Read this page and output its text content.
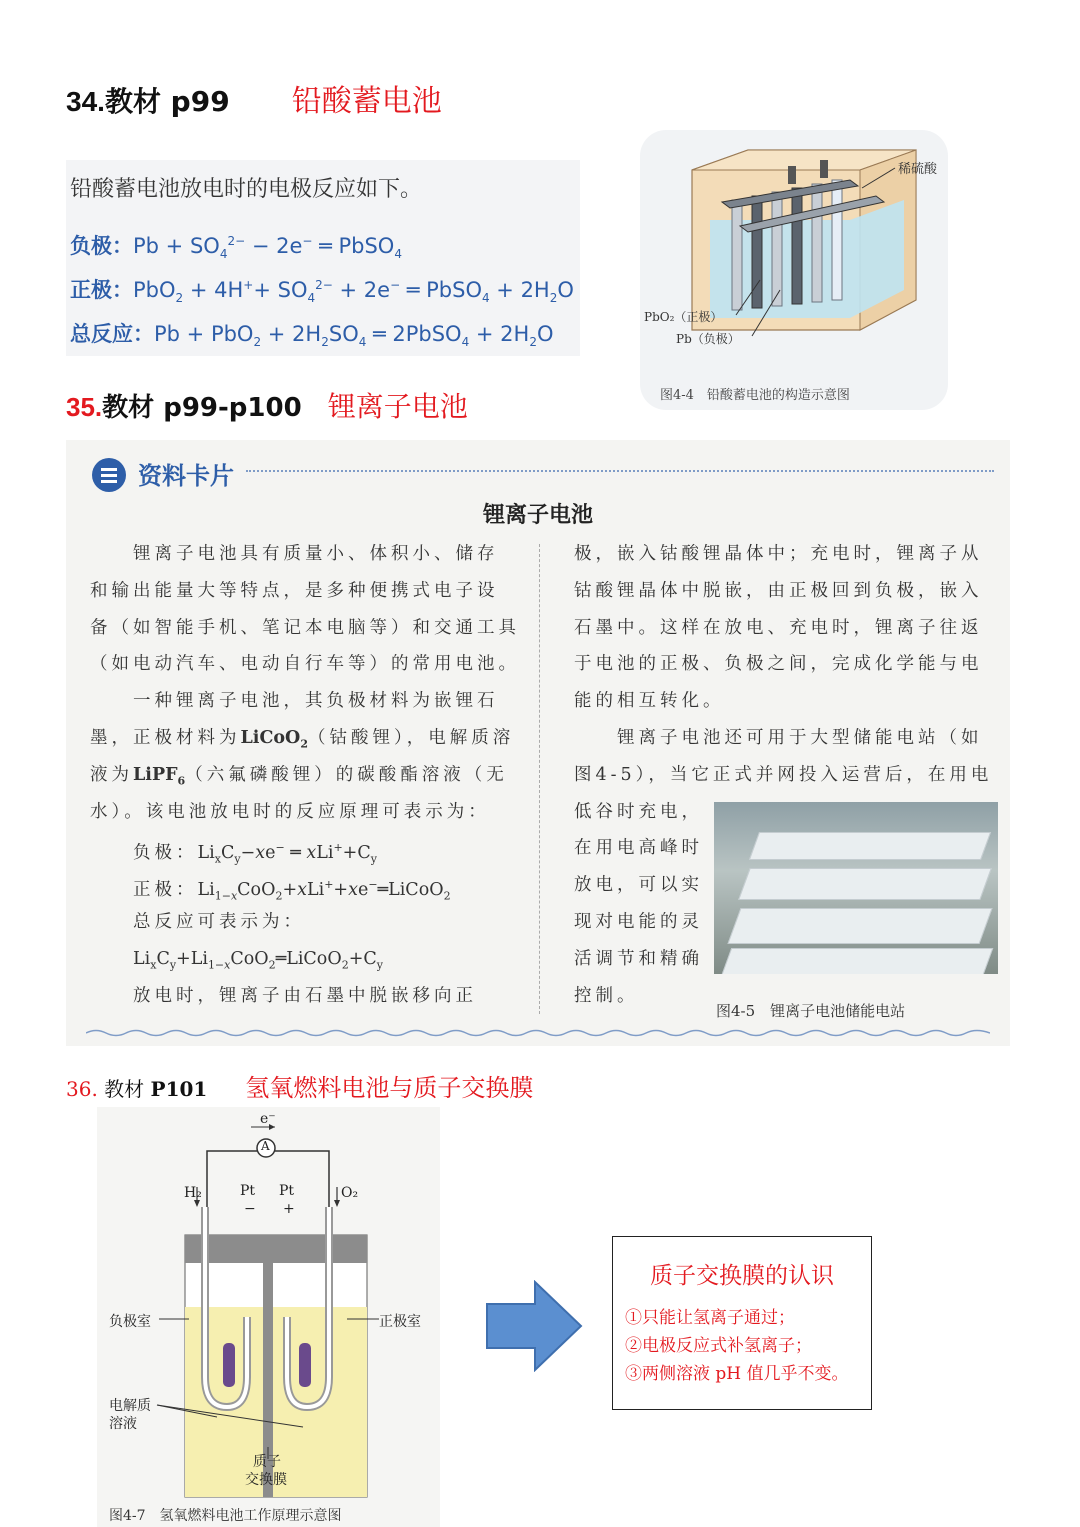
34.教材 p99 铅酸蓄电池
铅酸蓄电池放电时的电极反应如下。
负极：$Pb + SO_4^{2-} - 2e^-$ ═ PbSO$_4$
正极：$PbO_2 + 4H^++ SO_4^{2-} + 2e^-$ ═ PbSO$_4$ + $2H_2O$
总反应：$Pb + PbO_2 + 2H_2SO_4$ ═ 2PbSO$_4$ + $2H_2O$
稀硫酸
PbO₂（正极）
Pb（负极）
图4-4　铅酸蓄电池的构造示意图
35.教材 p99-p100 锂离子电池
资料卡片
锂离子电池

　　锂离子电池具有质量小、体积小、储存

和输出能量大等特点，是多种便携式电子设

备（如智能手机、笔记本电脑等）和交通工具

（如电动汽车、电动自行车等）的常用电池。

　　一种锂离子电池，其负极材料为嵌锂石

墨，正极材料为LiCoO$_2$（钴酸锂），电解质溶

液为LiPF$_6$（六氟磷酸锂）的碳酸酯溶液（无

水）。该电池放电时的反应原理可表示为：

　　负极：$Li_xC_y-xe^-$ ═ $xLi^++C_y$

　　正极：$Li_{1-x}CoO_2+xLi^++xe^-═LiCoO_2$

　　总反应可表示为：

　　$Li_xC_y+Li_{1-x}CoO_2═LiCoO_2+C_y$

　　放电时，锂离子由石墨中脱嵌移向正

极，嵌入钴酸锂晶体中；充电时，锂离子从

钴酸锂晶体中脱嵌，由正极回到负极，嵌入

石墨中。这样在放电、充电时，锂离子往返

于电池的正极、负极之间，完成化学能与电

能的相互转化。

　　锂离子电池还可用于大型储能电站（如

图4-5），当它正式并网投入运营后，在用电

低谷时充电，

在用电高峰时

放电，可以实

现对电能的灵

活调节和精确

控制。

图4-5　锂离子电池储能电站
36. 教材 P101 氢氧燃料电池与质子交换膜
e⁻
A
H₂	O₂
Pt Pt
− +
负极室	正极室
电解质
溶液
质子
交换膜
图4-7　氢氧燃料电池工作原理示意图
质子交换膜的认识
①只能让氢离子通过；
②电极反应式补氢离子；
③两侧溶液 pH 值几乎不变。
